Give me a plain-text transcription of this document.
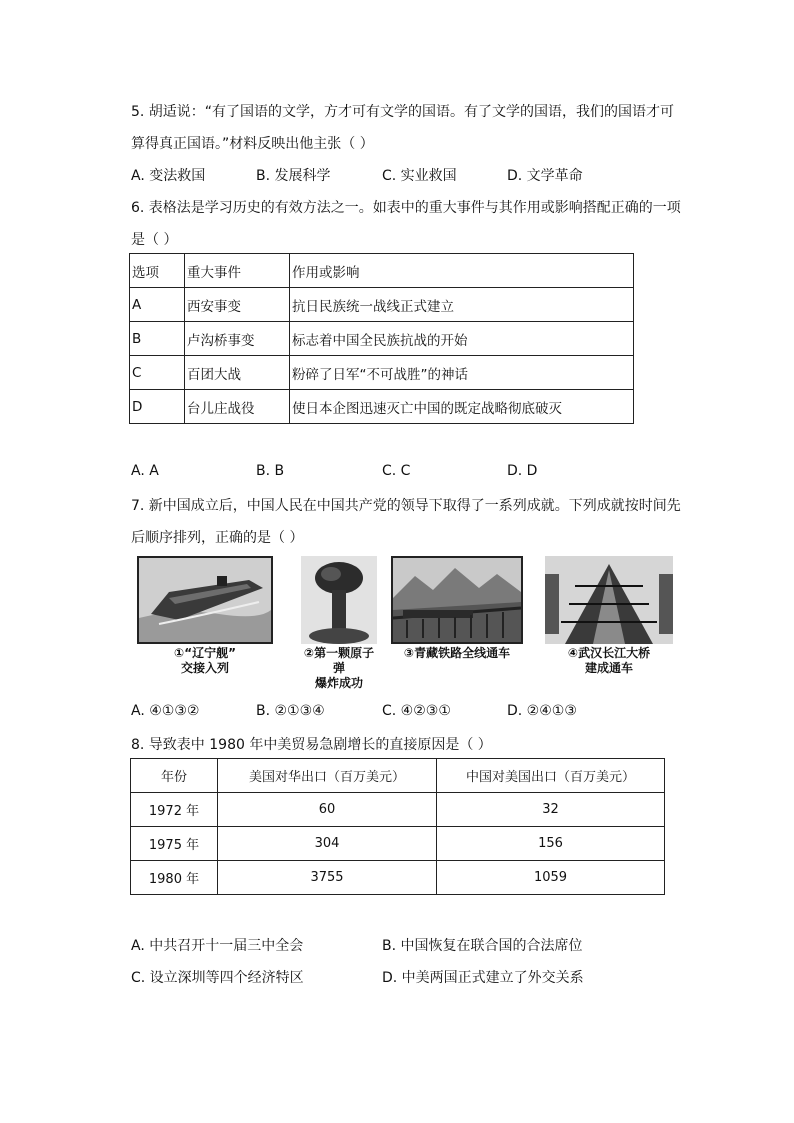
5. 胡适说：“有了国语的文学，方才可有文学的国语。有了文学的国语，我们的国语才可
算得真正国语。”材料反映出他主张（ ）
A. 变法救国	B. 发展科学	C. 实业救国	D. 文学革命
6. 表格法是学习历史的有效方法之一。如表中的重大事件与其作用或影响搭配正确的一项
是（ ）
选项	重大事件	作用或影响
A	西安事变	抗日民族统一战线正式建立
B	卢沟桥事变	标志着中国全民族抗战的开始
C	百团大战	粉碎了日军“不可战胜”的神话
D	台儿庄战役	使日本企图迅速灭亡中国的既定战略彻底破灭
A. A	B. B	C. C	D. D
7. 新中国成立后，中国人民在中国共产党的领导下取得了一系列成就。下列成就按时间先
后顺序排列，正确的是（ ）
①“辽宁舰”
交接入列
②第一颗原子弹
爆炸成功
③青藏铁路全线通车	④武汉长江大桥
建成通车
A. ④①③②	B. ②①③④	C. ④②③①	D. ②④①③
8. 导致表中 1980 年中美贸易急剧增长的直接原因是（ ）
年份	美国对华出口（百万美元）	中国对美国出口（百万美元）
1972 年	60	32
1975 年	304	156
1980 年	3755	1059
A. 中共召开十一届三中全会	B. 中国恢复在联合国的合法席位
C. 设立深圳等四个经济特区	D. 中美两国正式建立了外交关系
